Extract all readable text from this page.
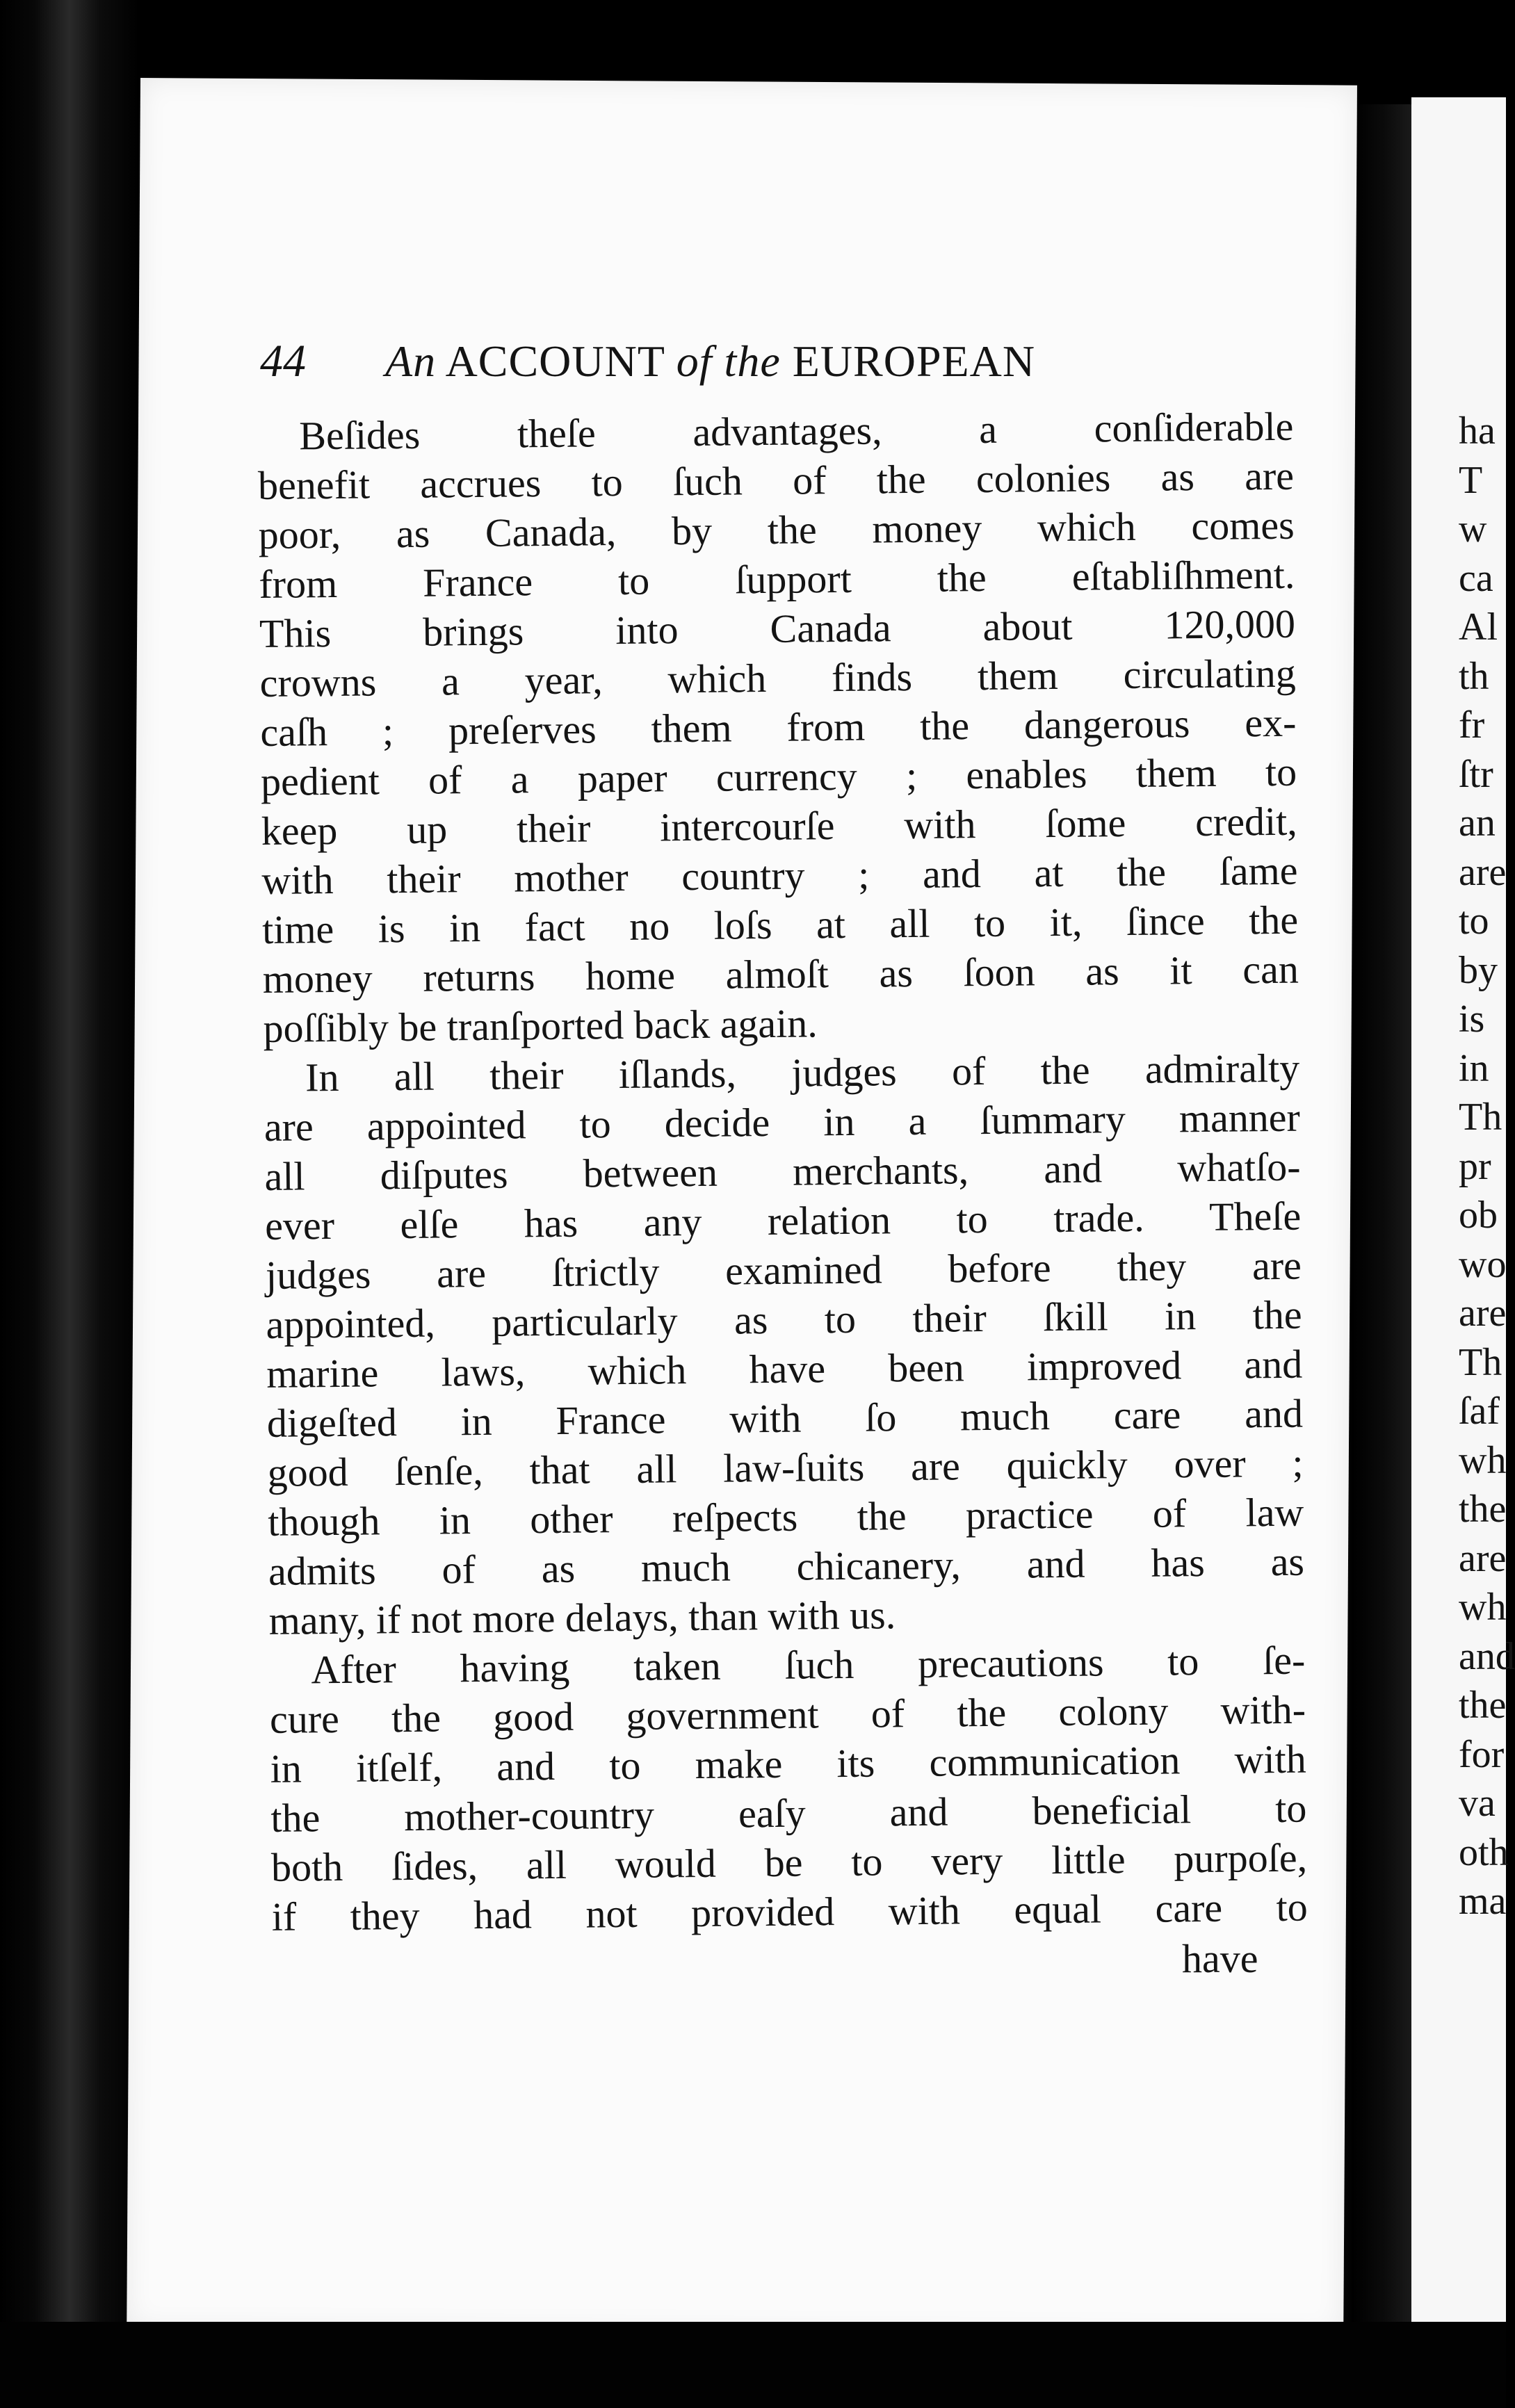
ha
T
w
ca
Al
th
fr
ſtr
an
are
to
by
is
in
Th
pr
ob
wo
are
Th
ſaf
wh
the
are
wh
and
the
for
va
oth
ma
44 An ACCOUNT of the EUROPEAN
Beſides theſe advantages, a conſiderable
benefit accrues to ſuch of the colonies as are
poor, as Canada, by the money which comes
from France to ſupport the eſtabliſhment.
This brings into Canada about 120,000
crowns a year, which finds them circulating
caſh ; preſerves them from the dangerous ex-
pedient of a paper currency ; enables them to
keep up their intercourſe with ſome credit,
with their mother country ; and at the ſame
time is in fact no loſs at all to it, ſince the
money returns home almoſt as ſoon as it can
poſſibly be tranſported back again.
In all their iſlands, judges of the admiralty
are appointed to decide in a ſummary manner
all diſputes between merchants, and whatſo-
ever elſe has any relation to trade. Theſe
judges are ſtrictly examined before they are
appointed, particularly as to their ſkill in the
marine laws, which have been improved and
digeſted in France with ſo much care and
good ſenſe, that all law-ſuits are quickly over ;
though in other reſpects the practice of law
admits of as much chicanery, and has as
many, if not more delays, than with us.
After having taken ſuch precautions to ſe-
cure the good government of the colony with-
in itſelf, and to make its communication with
the mother-country eaſy and beneficial to
both ſides, all would be to very little purpoſe,
if they had not provided with equal care to
have
